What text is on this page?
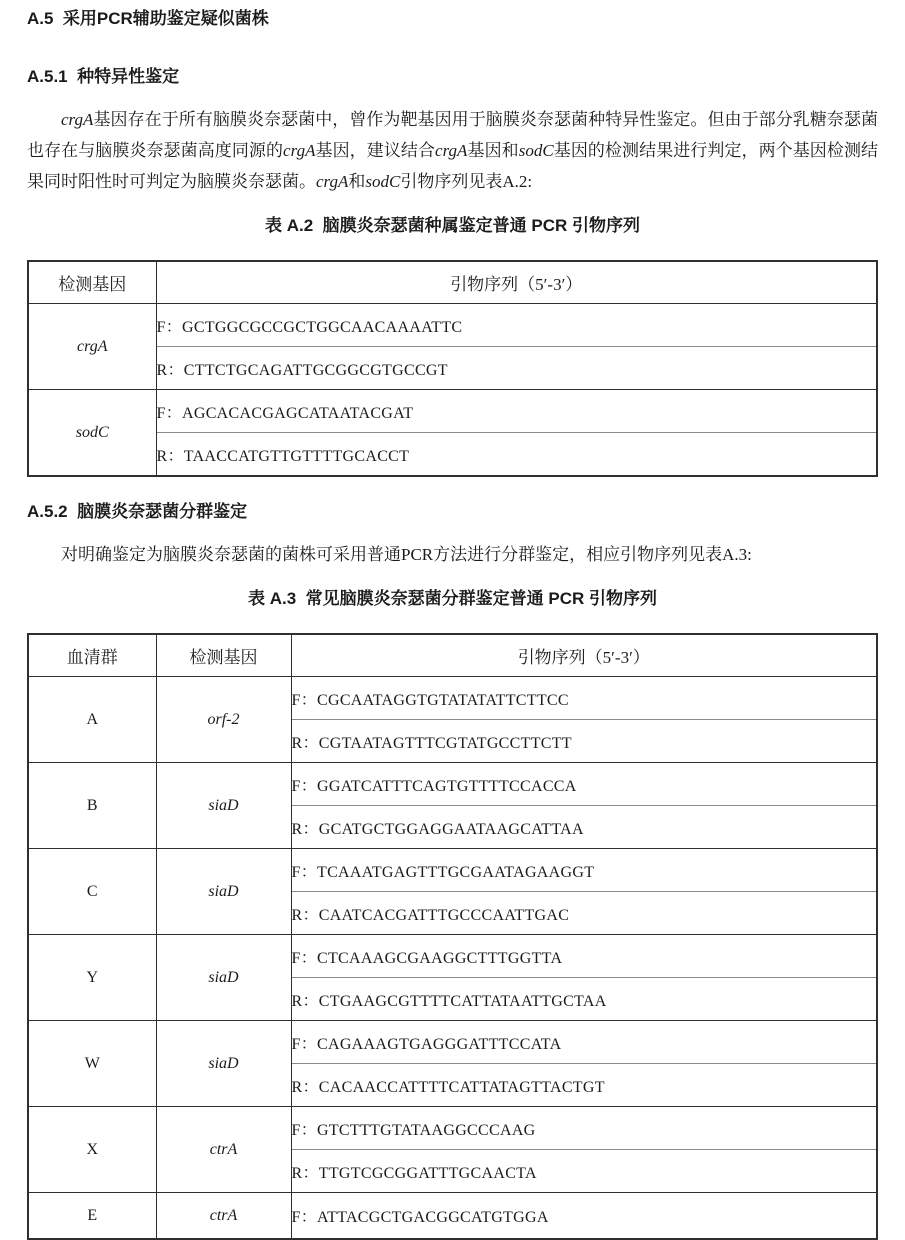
A.5  采用PCR辅助鉴定疑似菌株
A.5.1  种特异性鉴定

crgA基因存在于所有脑膜炎奈瑟菌中，曾作为靶基因用于脑膜炎奈瑟菌种特异性鉴定。但由于部分乳糖奈瑟菌也存在与脑膜炎奈瑟菌高度同源的crgA基因，建议结合crgA基因和sodC基因的检测结果进行判定，两个基因检测结果同时阳性时可判定为脑膜炎奈瑟菌。crgA和sodC引物序列见表A.2:

表 A.2  脑膜炎奈瑟菌种属鉴定普通 PCR 引物序列
检测基因	引物序列（5′-3′）
crgA	F：GCTGGCGCCGCTGGCAACAAAATTC
	R：CTTCTGCAGATTGCGGCGTGCCGT
sodC	F：AGCACACGAGCATAATACGAT
	R：TAACCATGTTGTTTTGCACCT
A.5.2  脑膜炎奈瑟菌分群鉴定

对明确鉴定为脑膜炎奈瑟菌的菌株可采用普通PCR方法进行分群鉴定，相应引物序列见表A.3:

表 A.3  常见脑膜炎奈瑟菌分群鉴定普通 PCR 引物序列
血清群	检测基因	引物序列（5′-3′）
A	orf-2	F：CGCAATAGGTGTATATATTCTTCC
		R：CGTAATAGTTTCGTATGCCTTCTT
B	siaD	F：GGATCATTTCAGTGTTTTCCACCA
		R：GCATGCTGGAGGAATAAGCATTAA
C	siaD	F：TCAAATGAGTTTGCGAATAGAAGGT
		R：CAATCACGATTTGCCCAATTGAC
Y	siaD	F：CTCAAAGCGAAGGCTTTGGTTA
		R：CTGAAGCGTTTTCATTATAATTGCTAA
W	siaD	F：CAGAAAGTGAGGGATTTCCATA
		R：CACAACCATTTTCATTATAGTTACTGT
X	ctrA	F：GTCTTTGTATAAGGCCCAAG
		R：TTGTCGCGGATTTGCAACTA
E	ctrA	F：ATTACGCTGACGGCATGTGGA
